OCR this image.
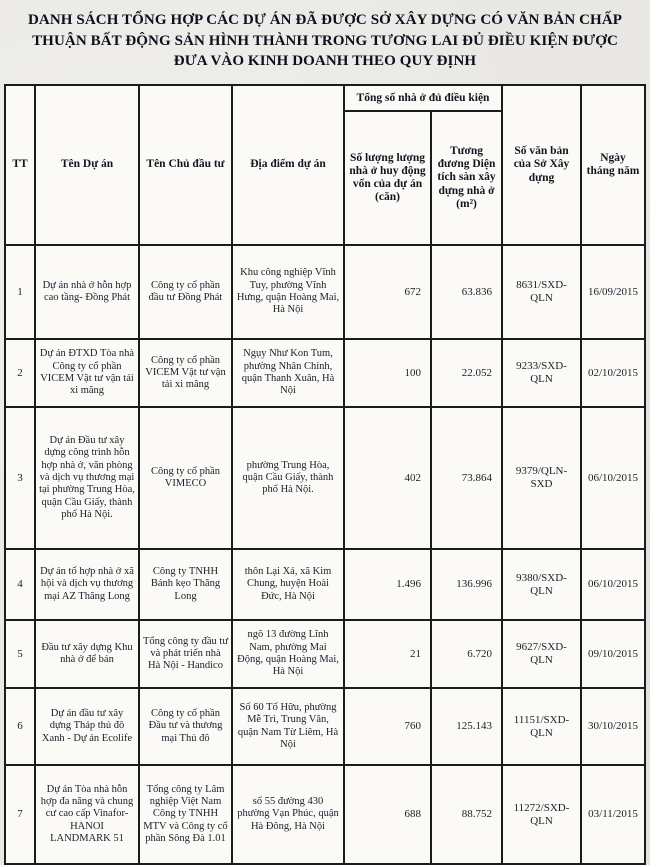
DANH SÁCH TỔNG HỢP CÁC DỰ ÁN ĐÃ ĐƯỢC SỞ XÂY DỰNG CÓ VĂN BẢN CHẤP
THUẬN BẤT ĐỘNG SẢN HÌNH THÀNH TRONG TƯƠNG LAI ĐỦ ĐIỀU KIỆN ĐƯỢC
ĐƯA VÀO KINH DOANH THEO QUY ĐỊNH
TT	Tên Dự án	Tên Chủ đầu tư	Địa điểm dự án	Tổng số nhà ở đủ điều kiện		Số văn bản của Sở Xây dựng	Ngày tháng năm
				Số lượng lượng nhà ở huy động vốn của dự án (căn)	Tương đương Diện tích sàn xây dựng nhà ở (m²)		
1	Dự án nhà ở hỗn hợp cao tầng- Đồng Phát	Công ty cổ phần đầu tư Đồng Phát	Khu công nghiệp Vĩnh Tuy, phường Vĩnh Hưng, quận Hoàng Mai, Hà Nội	672	63.836	8631/SXD-QLN	16/09/2015
2	Dự án ĐTXD Tòa nhà Công ty cổ phần VICEM Vật tư vận tải xi măng	Công ty cổ phần VICEM Vật tư vận tải xi măng	Ngụy Như Kon Tum, phường Nhân Chính, quận Thanh Xuân, Hà Nội	100	22.052	9233/SXD-QLN	02/10/2015
3	Dự án Đầu tư xây dựng công trình hỗn hợp nhà ở, văn phòng và dịch vụ thương mại tại phường Trung Hòa, quận Cầu Giấy, thành phố Hà Nội.	Công ty cổ phần VIMECO	phường Trung Hòa, quận Cầu Giấy, thành phố Hà Nội.	402	73.864	9379/QLN-SXD	06/10/2015
4	Dự án tổ hợp nhà ở xã hội và dịch vụ thương mại AZ Thăng Long	Công ty TNHH Bánh kẹo Thăng Long	thôn Lại Xá, xã Kim Chung, huyện Hoài Đức, Hà Nội	1.496	136.996	9380/SXD-QLN	06/10/2015
5	Đầu tư xây dựng Khu nhà ở để bán	Tổng công ty đầu tư và phát triển nhà Hà Nội - Handico	ngõ 13 đường Lĩnh Nam, phường Mai Động, quận Hoàng Mai, Hà Nội	21	6.720	9627/SXD-QLN	09/10/2015
6	Dự án đầu tư xây dựng Tháp thủ đô Xanh - Dự án Ecolife	Công ty cổ phần Đầu tư và thương mại Thủ đô	Số 60 Tố Hữu, phường Mễ Trì, Trung Văn, quận Nam Từ Liêm, Hà Nội	760	125.143	11151/SXD-QLN	30/10/2015
7	Dự án Tòa nhà hỗn hợp đa năng và chung cư cao cấp Vinafor- HANOI LANDMARK 51	Tổng công ty Lâm nghiệp Việt Nam Công ty TNHH MTV và Công ty cổ phần Sông Đà 1.01	số 55 đường 430 phường Vạn Phúc, quận Hà Đông, Hà Nội	688	88.752	11272/SXD-QLN	03/11/2015
